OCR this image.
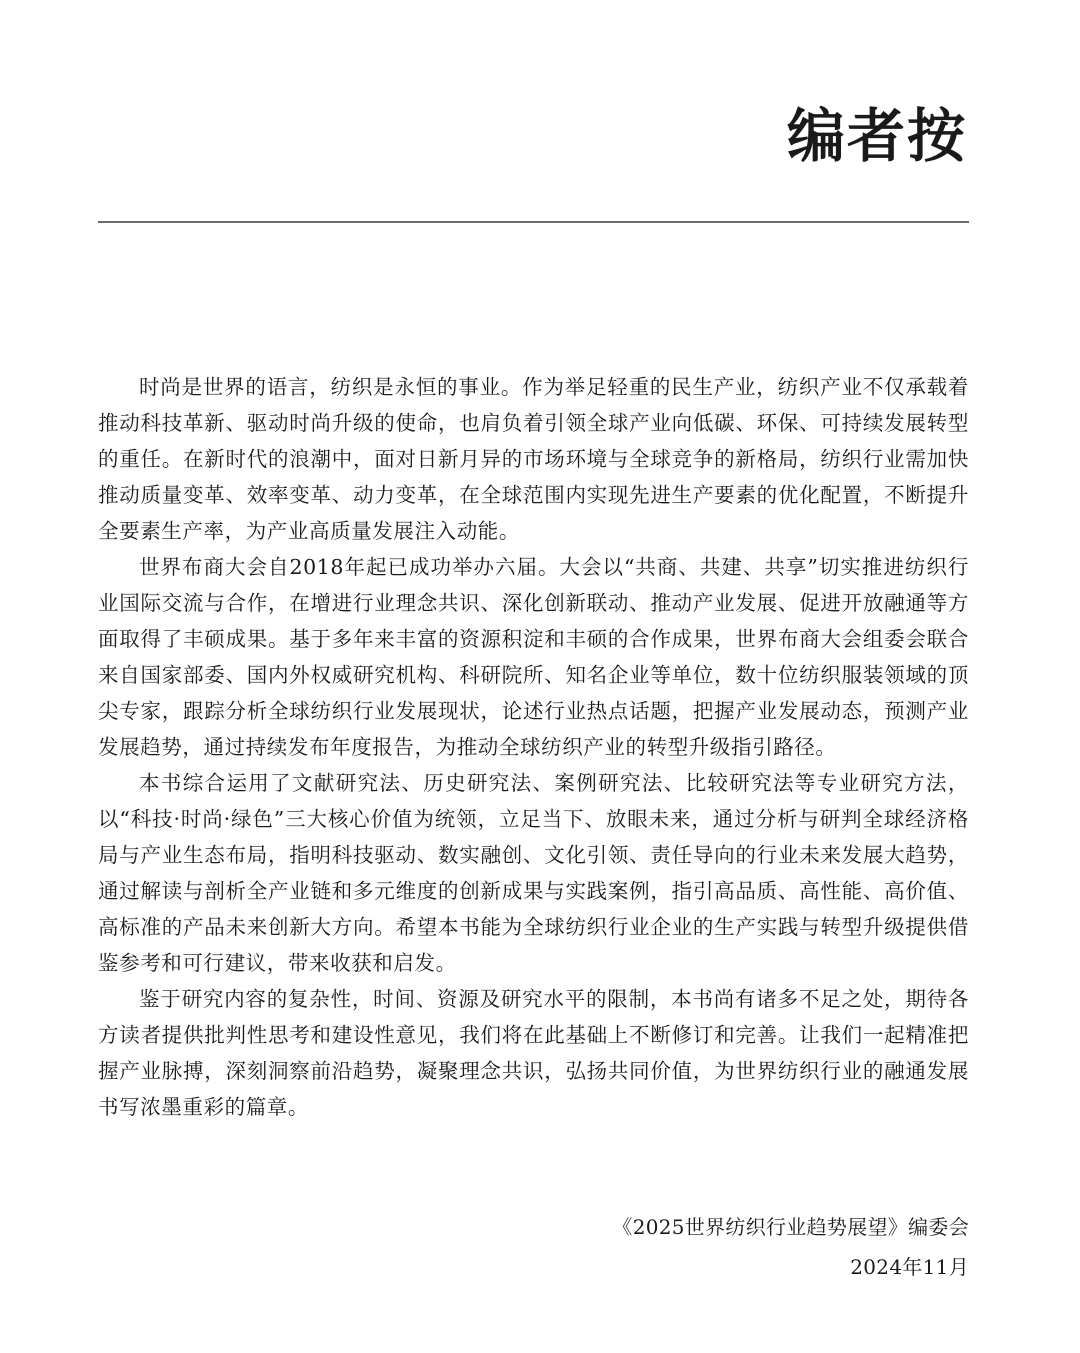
编者按

时尚是世界的语言，纺织是永恒的事业。作为举足轻重的民生产业，纺织产业不仅承载着推动科技革新、驱动时尚升级的使命，也肩负着引领全球产业向低碳、环保、可持续发展转型的重任。在新时代的浪潮中，面对日新月异的市场环境与全球竞争的新格局，纺织行业需加快推动质量变革、效率变革、动力变革，在全球范围内实现先进生产要素的优化配置，不断提升全要素生产率，为产业高质量发展注入动能。

世界布商大会自2018年起已成功举办六届。大会以“共商、共建、共享”切实推进纺织行业国际交流与合作，在增进行业理念共识、深化创新联动、推动产业发展、促进开放融通等方面取得了丰硕成果。基于多年来丰富的资源积淀和丰硕的合作成果，世界布商大会组委会联合来自国家部委、国内外权威研究机构、科研院所、知名企业等单位，数十位纺织服装领域的顶尖专家，跟踪分析全球纺织行业发展现状，论述行业热点话题，把握产业发展动态，预测产业发展趋势，通过持续发布年度报告，为推动全球纺织产业的转型升级指引路径。

本书综合运用了文献研究法、历史研究法、案例研究法、比较研究法等专业研究方法，以“科技·时尚·绿色”三大核心价值为统领，立足当下、放眼未来，通过分析与研判全球经济格局与产业生态布局，指明科技驱动、数实融创、文化引领、责任导向的行业未来发展大趋势，通过解读与剖析全产业链和多元维度的创新成果与实践案例，指引高品质、高性能、高价值、高标准的产品未来创新大方向。希望本书能为全球纺织行业企业的生产实践与转型升级提供借鉴参考和可行建议，带来收获和启发。

鉴于研究内容的复杂性，时间、资源及研究水平的限制，本书尚有诸多不足之处，期待各方读者提供批判性思考和建设性意见，我们将在此基础上不断修订和完善。让我们一起精准把握产业脉搏，深刻洞察前沿趋势，凝聚理念共识，弘扬共同价值，为世界纺织行业的融通发展书写浓墨重彩的篇章。

《2025世界纺织行业趋势展望》编委会

2024年11月
